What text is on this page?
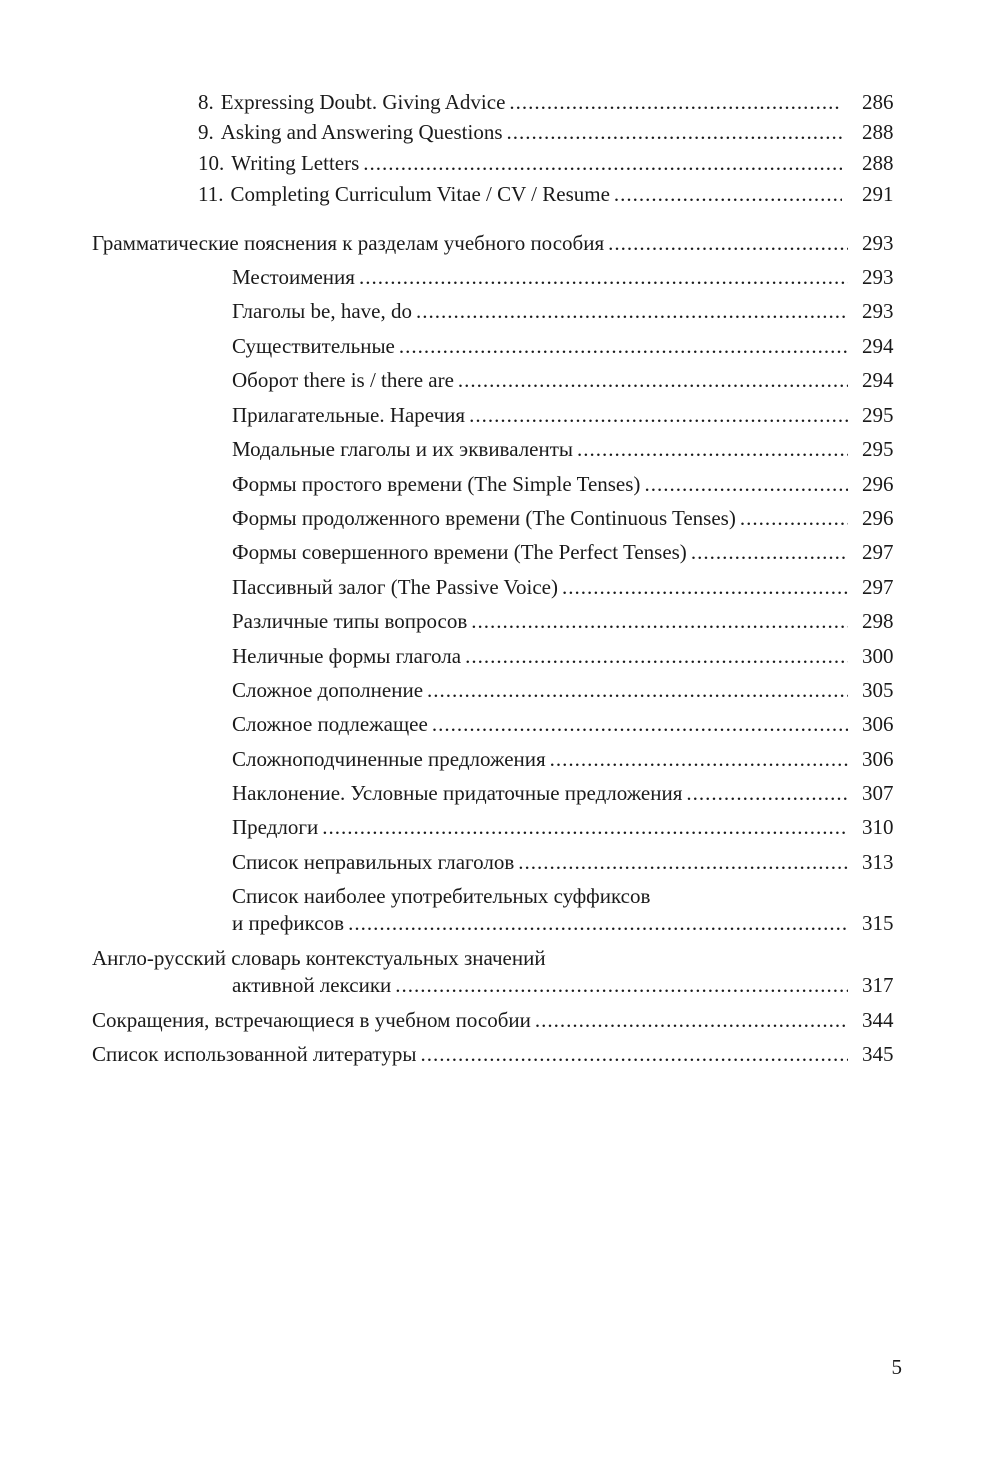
8. Expressing Doubt. Giving Advice .....	286
9. Asking and Answering Questions .....	288
10. Writing Letters .....	288
11. Completing Curriculum Vitae / CV / Resume .....	291
Грамматические пояснения к разделам учебного пособия .....	293
Местоимения .....	293
Глаголы be, have, do .....	293
Существительные .....	294
Оборот there is / there are .....	294
Прилагательные. Наречия .....	295
Модальные глаголы и их эквиваленты .....	295
Формы простого времени (The Simple Tenses) .....	296
Формы продолженного времени (The Continuous Tenses) .....	296
Формы совершенного времени (The Perfect Tenses) .....	297
Пассивный залог (The Passive Voice) .....	297
Различные типы вопросов .....	298
Неличные формы глагола .....	300
Сложное дополнение .....	305
Сложное подлежащее .....	306
Сложноподчиненные предложения .....	306
Наклонение. Условные придаточные предложения .....	307
Предлоги .....	310
Список неправильных глаголов .....	313
Список наиболее употребительных суффиксов
и префиксов .....	315
Англо-русский словарь контекстуальных значений
активной лексики .....	317
Сокращения, встречающиеся в учебном пособии .....	344
Список использованной литературы .....	345
5
